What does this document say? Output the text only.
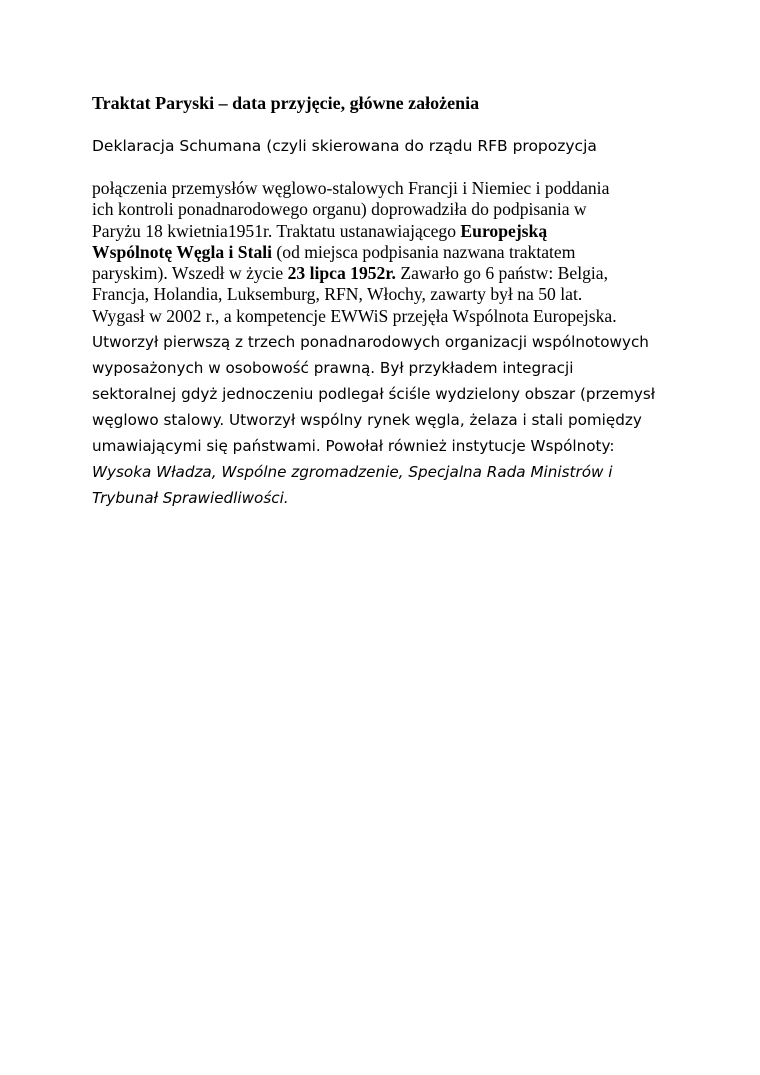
Traktat Paryski – data przyjęcie, główne założenia
Deklaracja Schumana (czyli skierowana do rządu RFB propozycja
połączenia przemysłów węglowo-stalowych Francji i Niemiec i poddania
ich kontroli ponadnarodowego organu) doprowadziła do podpisania w
Paryżu 18 kwietnia1951r. Traktatu ustanawiającego Europejską
Wspólnotę Węgla i Stali (od miejsca podpisania nazwana traktatem
paryskim). Wszedł w życie 23 lipca 1952r. Zawarło go 6 państw: Belgia,
Francja, Holandia, Luksemburg, RFN, Włochy, zawarty był na 50 lat.
Wygasł w 2002 r., a kompetencje EWWiS przejęła Wspólnota Europejska.
Utworzył pierwszą z trzech ponadnarodowych organizacji wspólnotowych
wyposażonych w osobowość prawną. Był przykładem integracji
sektoralnej gdyż jednoczeniu podlegał ściśle wydzielony obszar (przemysł
węglowo stalowy. Utworzył wspólny rynek węgla, żelaza i stali pomiędzy
umawiającymi się państwami. Powołał również instytucje Wspólnoty:
Wysoka Władza, Wspólne zgromadzenie, Specjalna Rada Ministrów i
Trybunał Sprawiedliwości.
